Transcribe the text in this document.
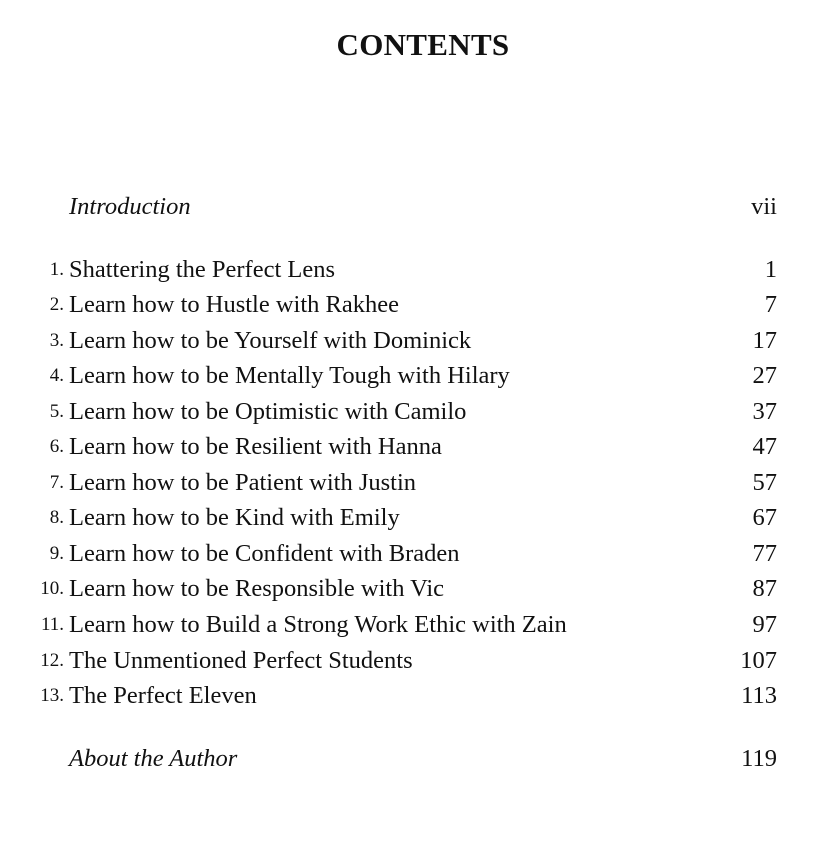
CONTENTS
Introduction	vii
1. Shattering the Perfect Lens	1
2. Learn how to Hustle with Rakhee	7
3. Learn how to be Yourself with Dominick	17
4. Learn how to be Mentally Tough with Hilary	27
5. Learn how to be Optimistic with Camilo	37
6. Learn how to be Resilient with Hanna	47
7. Learn how to be Patient with Justin	57
8. Learn how to be Kind with Emily	67
9. Learn how to be Confident with Braden	77
10. Learn how to be Responsible with Vic	87
11. Learn how to Build a Strong Work Ethic with Zain	97
12. The Unmentioned Perfect Students	107
13. The Perfect Eleven	113
About the Author	119
